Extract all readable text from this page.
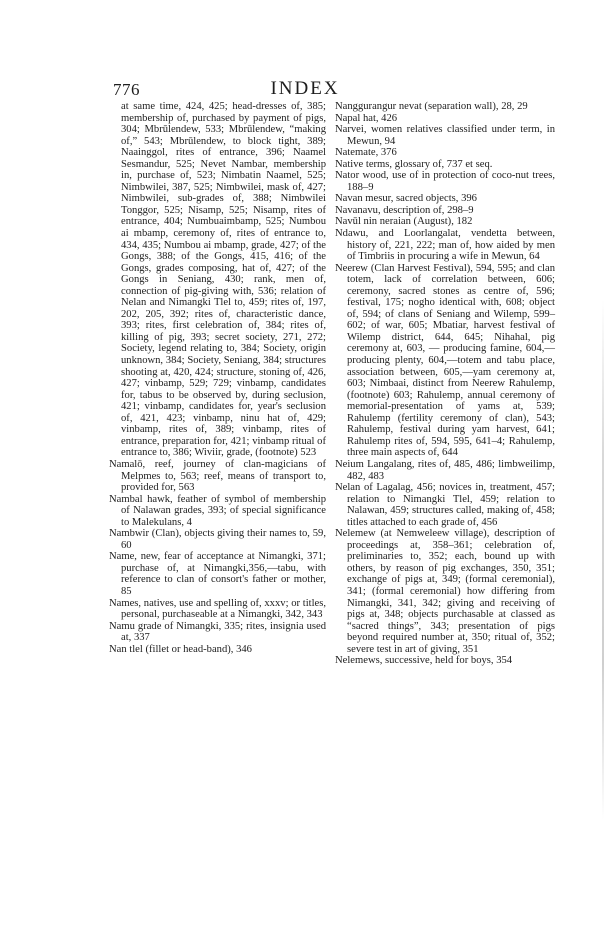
776	INDEX
at same time, 424, 425; head-dresses of, 385; membership of, purchased by payment of pigs, 304; Mbrūlendew, 533; Mbrūlendew, “making of,” 543; Mbrūlendew, to block tight, 389; Naainggol, rites of entrance, 396; Naamel Sesmandur, 525; Nevet Nambar, membership in, purchase of, 523; Nimbatin Naamel, 525; Nimbwilei, 387, 525; Nimbwilei, mask of, 427; Nimbwilei, sub-grades of, 388; Nimbwilei Tonggor, 525; Nisamp, 525; Nisamp, rites of entrance, 404; Numbuaimbamp, 525; Numbou ai mbamp, ceremony of, rites of entrance to, 434, 435; Numbou ai mbamp, grade, 427; of the Gongs, 388; of the Gongs, 415, 416; of the Gongs, grades composing, hat of, 427; of the Gongs in Seniang, 430; rank, men of, connection of pig-giving with, 536; relation of Nelan and Nimangki Tlel to, 459; rites of, 197, 202, 205, 392; rites of, characteristic dance, 393; rites, first celebration of, 384; rites of, killing of pig, 393; secret society, 271, 272; Society, legend relating to, 384; Society, origin unknown, 384; Society, Seniang, 384; structures shooting at, 420, 424; structure, stoning of, 426, 427; vinbamp, 529; 729; vinbamp, candidates for, tabus to be observed by, during seclusion, 421; vinbamp, candidates for, year's seclusion of, 421, 423; vinbamp, ninu hat of, 429; vinbamp, rites of, 389; vinbamp, rites of entrance, preparation for, 421; vinbamp ritual of entrance to, 386; Wiviir, grade, (footnote) 523
Namalō, reef, journey of clan-magicians of Melpmes to, 563; reef, means of transport to, provided for, 563
Nambal hawk, feather of symbol of membership of Nalawan grades, 393; of special significance to Malekulans, 4
Nambwir (Clan), objects giving their names to, 59, 60
Name, new, fear of acceptance at Nimangki, 371; purchase of, at Nimangki,356,—tabu, with reference to clan of consort's father or mother, 85
Names, natives, use and spelling of, xxxv; or titles, personal, purchaseable at a Nimangki, 342, 343
Namu grade of Nimangki, 335; rites, insignia used at, 337
Nan tlel (fillet or head-band), 346
Nanggurangur nevat (separation wall), 28, 29
Napal hat, 426
Narvei, women relatives classified under term, in Mewun, 94
Natemate, 376
Native terms, glossary of, 737 et seq.
Nator wood, use of in protection of coco-nut trees, 188–9
Navan mesur, sacred objects, 396
Navanavu, description of, 298–9
Navūl nin neraian (August), 182
Ndawu, and Loorlangalat, vendetta between, history of, 221, 222; man of, how aided by men of Timbriis in procuring a wife in Mewun, 64
Neerew (Clan Harvest Festival), 594, 595; and clan totem, lack of correlation between, 606; ceremony, sacred stones as centre of, 596; festival, 175; nogho identical with, 608; object of, 594; of clans of Seniang and Wilemp, 599–602; of war, 605; Mbatiar, harvest festival of Wilemp district, 644, 645; Nihahal, pig ceremony at, 603, — producing famine, 604,—producing plenty, 604,—totem and tabu place, association between, 605,—yam ceremony at, 603; Nimbaai, distinct from Neerew Rahulemp, (footnote) 603; Rahulemp, annual ceremony of memorial-presentation of yams at, 539; Rahulemp (fertility ceremony of clan), 543; Rahulemp, festival during yam harvest, 641; Rahulemp rites of, 594, 595, 641–4; Rahulemp, three main aspects of, 644
Neium Langalang, rites of, 485, 486; limbweilimp, 482, 483
Nelan of Lagalag, 456; novices in, treatment, 457; relation to Nimangki Tlel, 459; relation to Nalawan, 459; structures called, making of, 458; titles attached to each grade of, 456
Nelemew (at Nemweleew village), description of proceedings at, 358–361; celebration of, preliminaries to, 352; each, bound up with others, by reason of pig exchanges, 350, 351; exchange of pigs at, 349; (formal ceremonial), 341; (formal ceremonial) how differing from Nimangki, 341, 342; giving and receiving of pigs at, 348; objects purchasable at classed as “sacred things”, 343; presentation of pigs beyond required number at, 350; ritual of, 352; severe test in art of giving, 351
Nelemews, successive, held for boys, 354
